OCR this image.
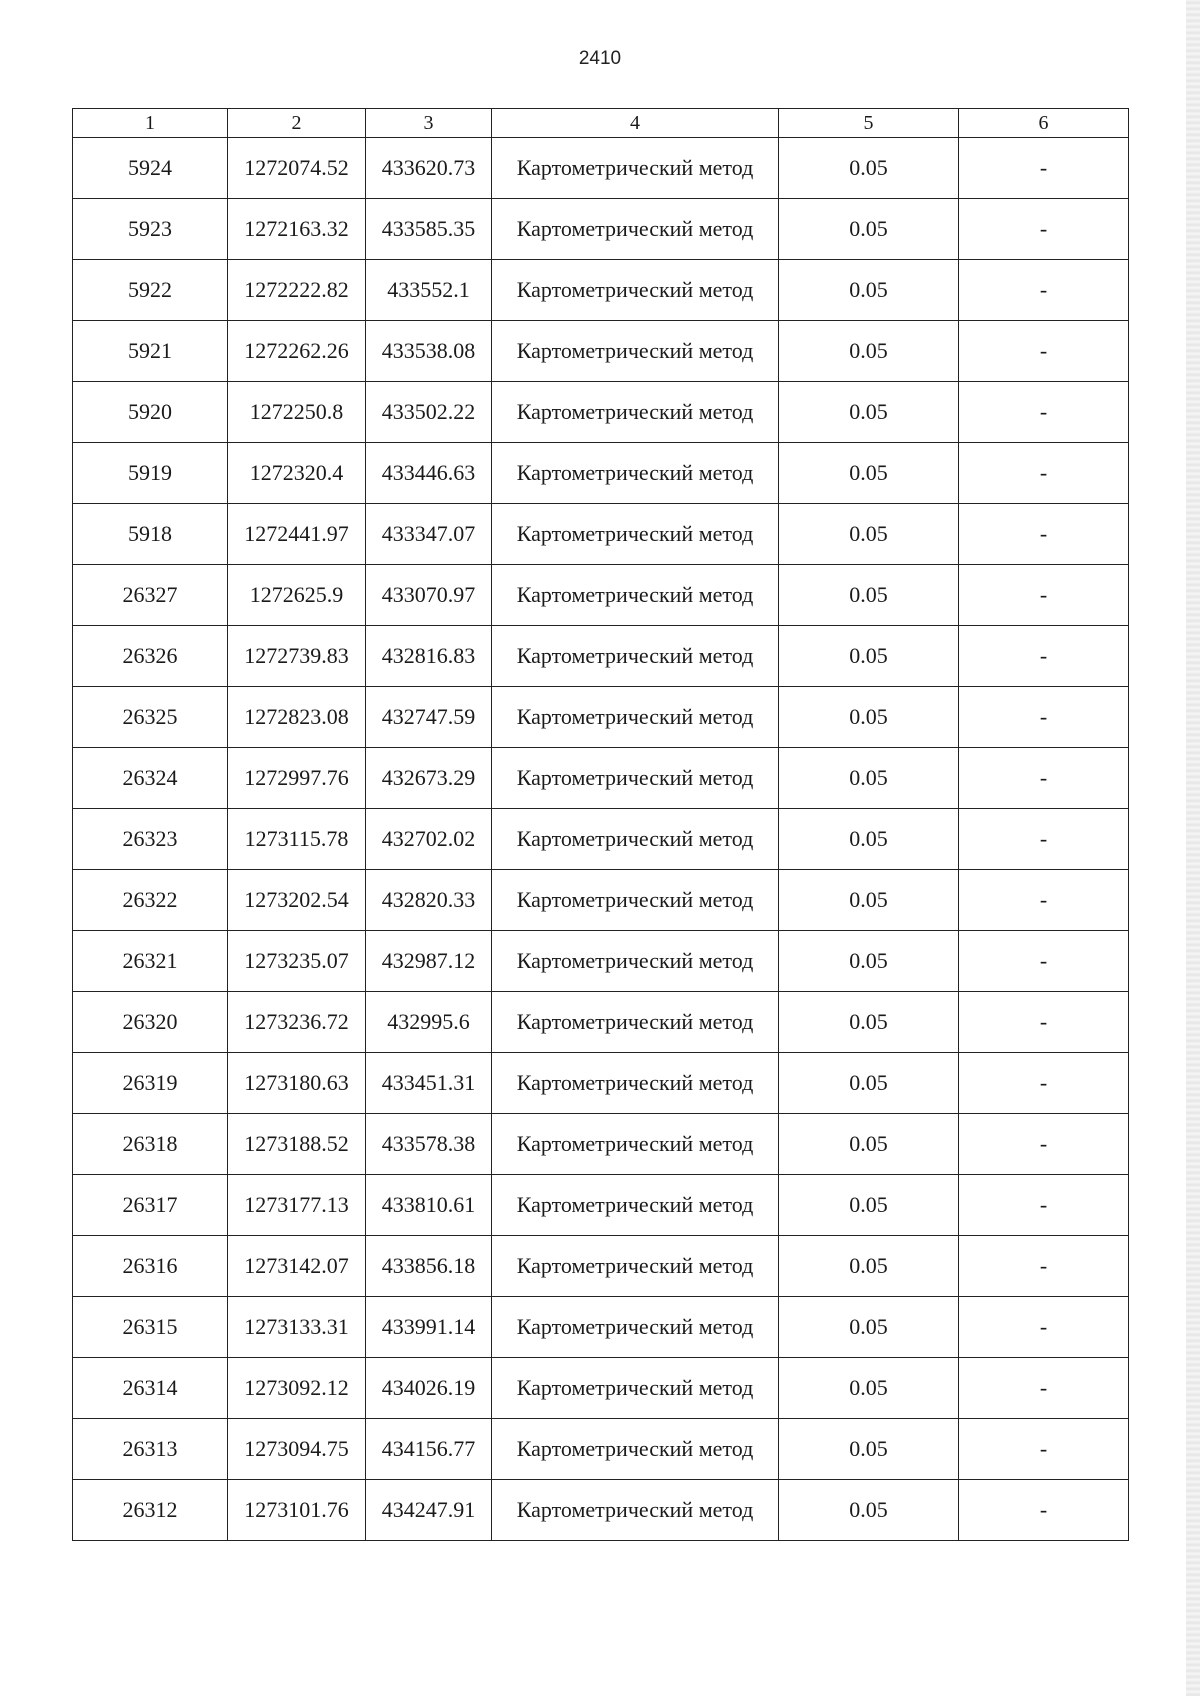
2410
1	2	3	4	5	6
5924	1272074.52	433620.73	Картометрический метод	0.05	-
5923	1272163.32	433585.35	Картометрический метод	0.05	-
5922	1272222.82	433552.1	Картометрический метод	0.05	-
5921	1272262.26	433538.08	Картометрический метод	0.05	-
5920	1272250.8	433502.22	Картометрический метод	0.05	-
5919	1272320.4	433446.63	Картометрический метод	0.05	-
5918	1272441.97	433347.07	Картометрический метод	0.05	-
26327	1272625.9	433070.97	Картометрический метод	0.05	-
26326	1272739.83	432816.83	Картометрический метод	0.05	-
26325	1272823.08	432747.59	Картометрический метод	0.05	-
26324	1272997.76	432673.29	Картометрический метод	0.05	-
26323	1273115.78	432702.02	Картометрический метод	0.05	-
26322	1273202.54	432820.33	Картометрический метод	0.05	-
26321	1273235.07	432987.12	Картометрический метод	0.05	-
26320	1273236.72	432995.6	Картометрический метод	0.05	-
26319	1273180.63	433451.31	Картометрический метод	0.05	-
26318	1273188.52	433578.38	Картометрический метод	0.05	-
26317	1273177.13	433810.61	Картометрический метод	0.05	-
26316	1273142.07	433856.18	Картометрический метод	0.05	-
26315	1273133.31	433991.14	Картометрический метод	0.05	-
26314	1273092.12	434026.19	Картометрический метод	0.05	-
26313	1273094.75	434156.77	Картометрический метод	0.05	-
26312	1273101.76	434247.91	Картометрический метод	0.05	-
